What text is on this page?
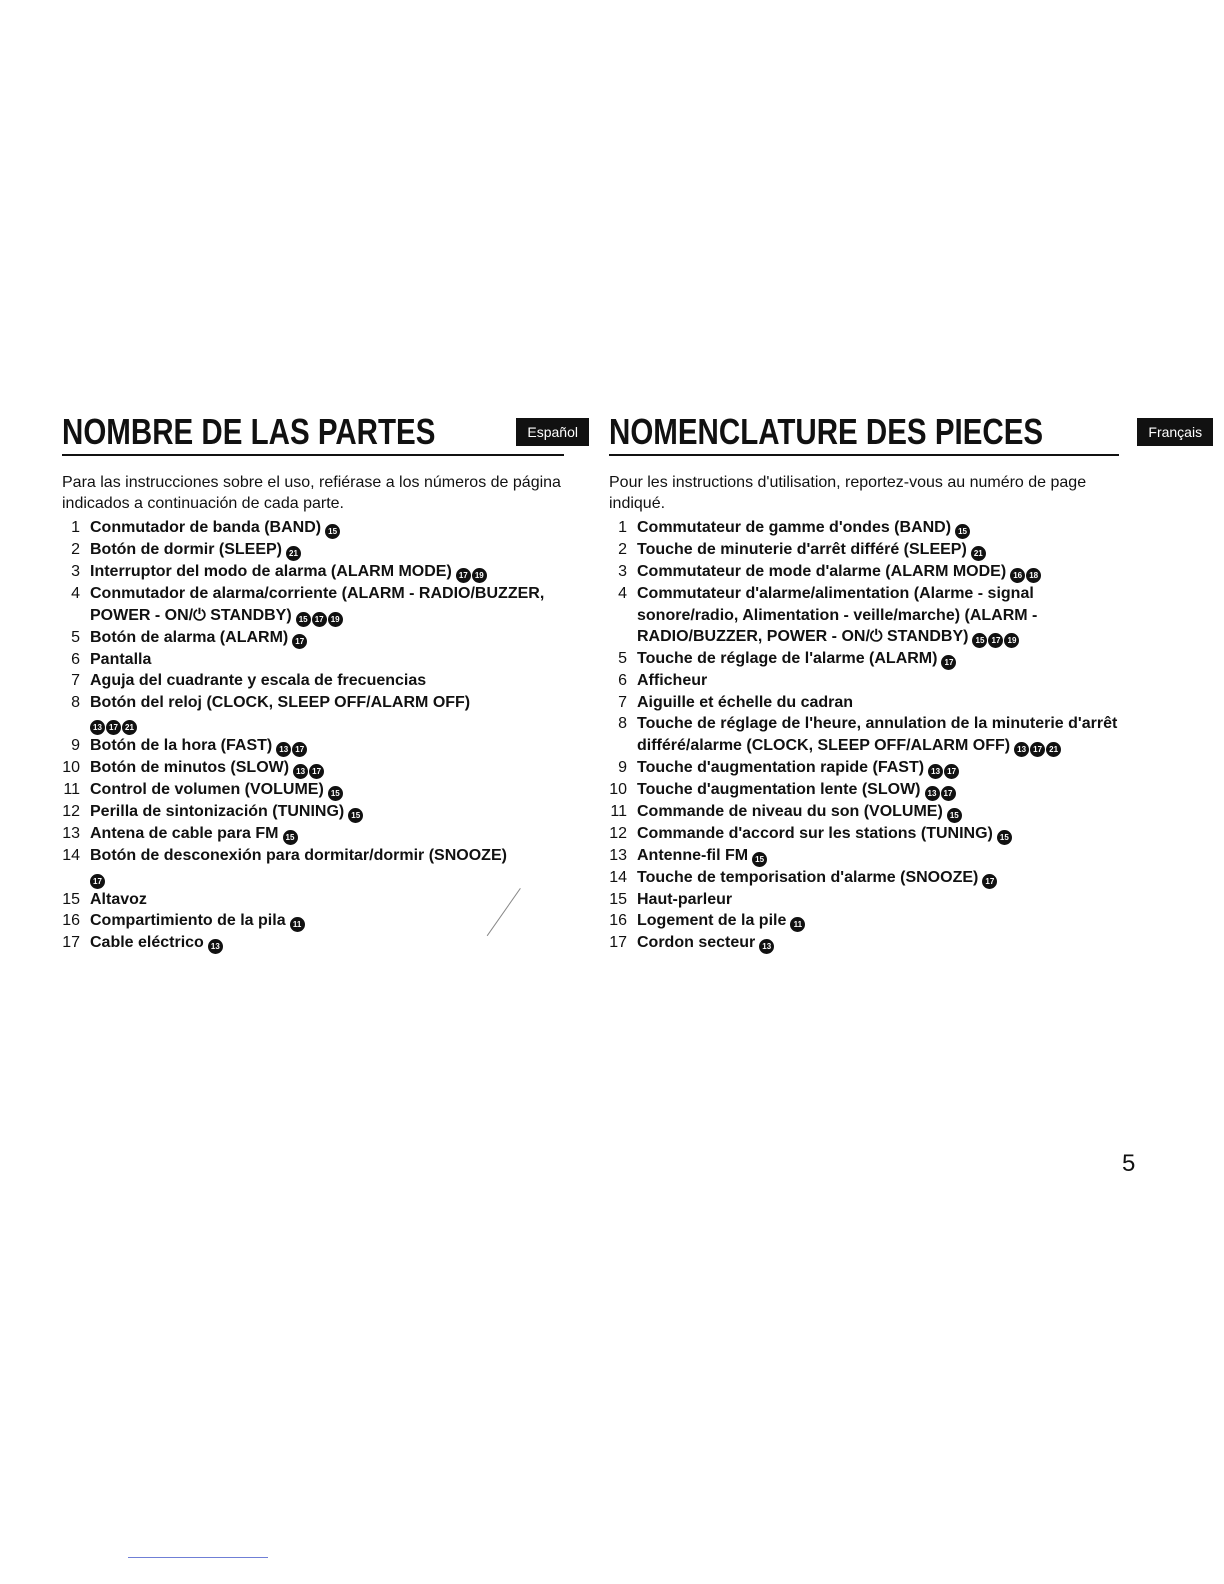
NOMBRE DE LAS PARTES	Español

Para las instrucciones sobre el uso, refiérase a los números de página indicados a continuación de cada parte.

1 Conmutador de banda (BAND) 15
2 Botón de dormir (SLEEP) 21
3 Interruptor del modo de alarma (ALARM MODE) 17 19
4 Conmutador de alarma/corriente (ALARM - RADIO/BUZZER, POWER - ON/⏻ STANDBY) 15 17 19
5 Botón de alarma (ALARM) 17
6 Pantalla
7 Aguja del cuadrante y escala de frecuencias
8 Botón del reloj (CLOCK, SLEEP OFF/ALARM OFF)
13 17 21
9 Botón de la hora (FAST) 13 17
10 Botón de minutos (SLOW) 13 17
11 Control de volumen (VOLUME) 15
12 Perilla de sintonización (TUNING) 15
13 Antena de cable para FM 15
14 Botón de desconexión para dormitar/dormir (SNOOZE)
17
15 Altavoz
16 Compartimiento de la pila 11
17 Cable eléctrico 13
NOMENCLATURE DES PIECES	Français

Pour les instructions d'utilisation, reportez-vous au numéro de page indiqué.

1 Commutateur de gamme d'ondes (BAND) 15
2 Touche de minuterie d'arrêt différé (SLEEP) 21
3 Commutateur de mode d'alarme (ALARM MODE) 16 18
4 Commutateur d'alarme/alimentation (Alarme - signal sonore/radio, Alimentation - veille/marche) (ALARM - RADIO/BUZZER, POWER - ON/⏻ STANDBY) 15 17 19
5 Touche de réglage de l'alarme (ALARM) 17
6 Afficheur
7 Aiguille et échelle du cadran
8 Touche de réglage de l'heure, annulation de la minuterie d'arrêt différé/alarme (CLOCK, SLEEP OFF/ALARM OFF) 13 17 21
9 Touche d'augmentation rapide (FAST) 13 17
10 Touche d'augmentation lente (SLOW) 13 17
11 Commande de niveau du son (VOLUME) 15
12 Commande d'accord sur les stations (TUNING) 15
13 Antenne-fil FM 15
14 Touche de temporisation d'alarme (SNOOZE) 17
15 Haut-parleur
16 Logement de la pile 11
17 Cordon secteur 13
5
